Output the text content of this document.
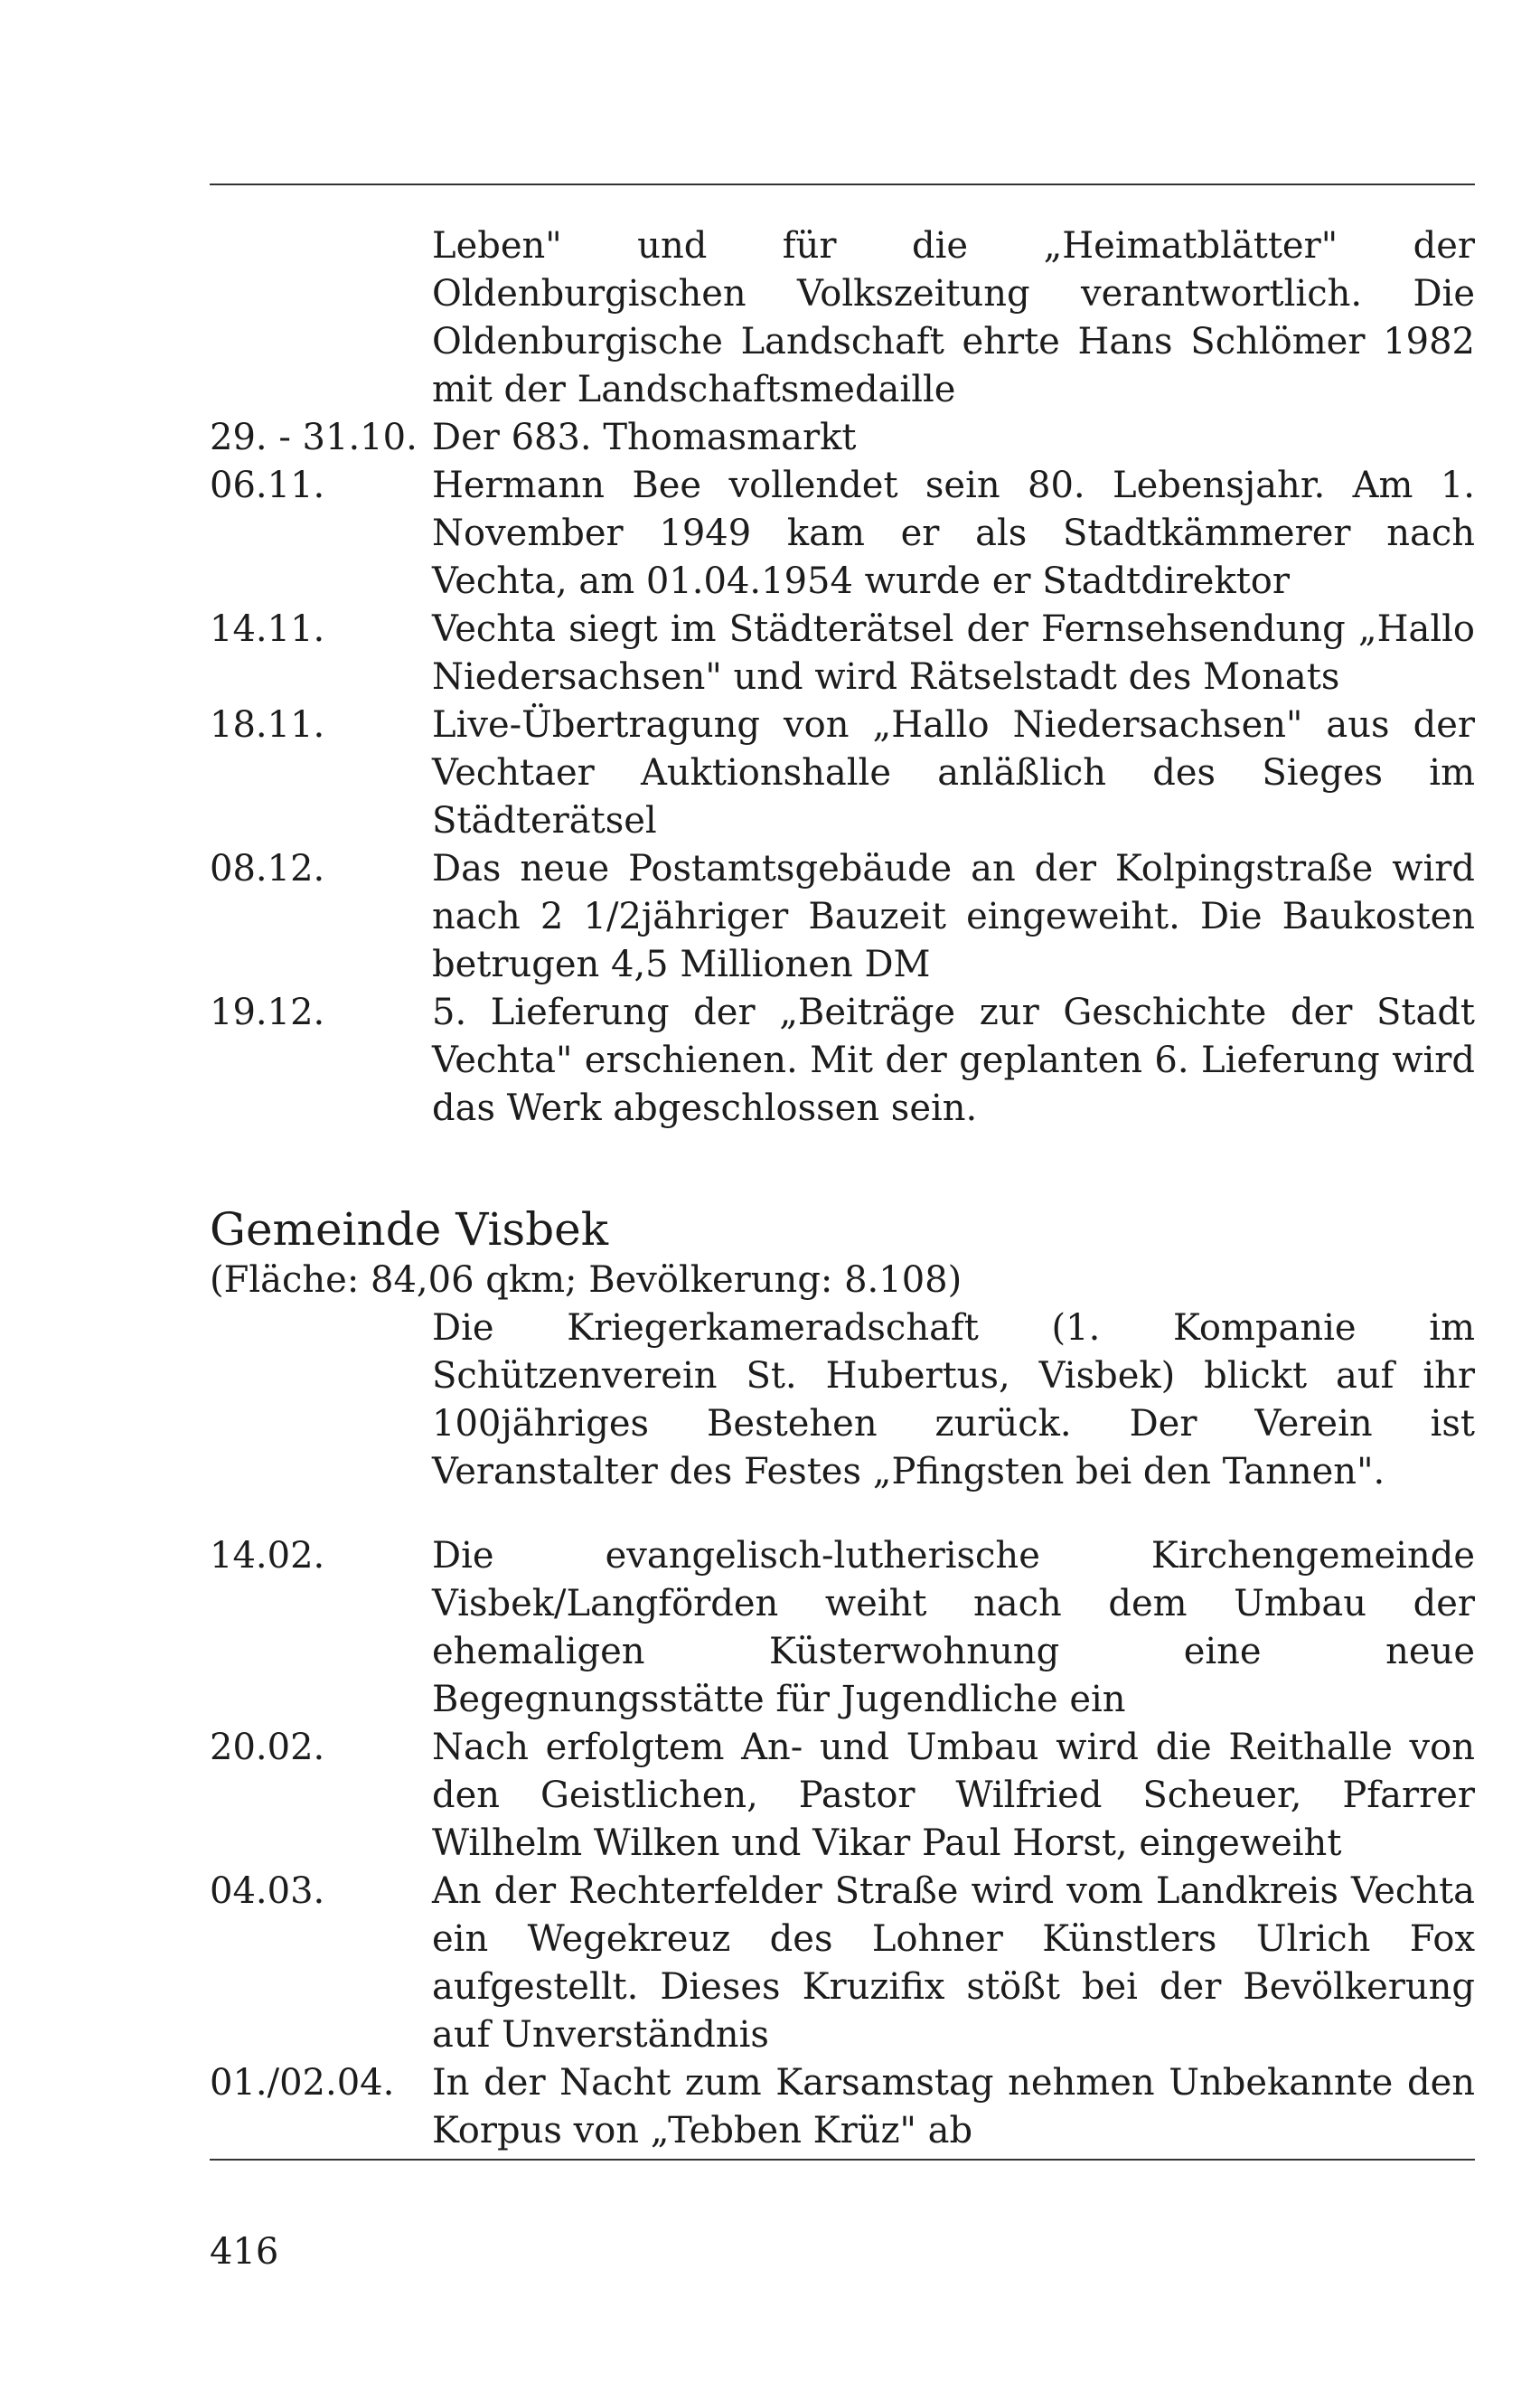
Leben" und für die „Heimatblätter" der Oldenburgischen Volkszeitung verantwortlich. Die Oldenburgische Landschaft ehrte Hans Schlömer 1982 mit der Landschaftsmedaille
29. - 31.10. Der 683. Thomasmarkt
06.11.	Hermann Bee vollendet sein 80. Lebensjahr. Am 1. November 1949 kam er als Stadtkämmerer nach Vechta, am 01.04.1954 wurde er Stadtdirektor
14.11.	Vechta siegt im Städterätsel der Fernsehsendung „Hallo Niedersachsen" und wird Rätselstadt des Monats
18.11.	Live-Übertragung von „Hallo Niedersachsen" aus der Vechtaer Auktionshalle anläßlich des Sieges im Städterätsel
08.12.	Das neue Postamtsgebäude an der Kolpingstraße wird nach 2 1/2jähriger Bauzeit eingeweiht. Die Baukosten betrugen 4,5 Millionen DM
19.12.	5. Lieferung der „Beiträge zur Geschichte der Stadt Vechta" erschienen. Mit der geplanten 6. Lieferung wird das Werk abgeschlossen sein.
Gemeinde Visbek
(Fläche: 84,06 qkm; Bevölkerung: 8.108)
Die Kriegerkameradschaft (1. Kompanie im Schützenverein St. Hubertus, Visbek) blickt auf ihr 100jähriges Bestehen zurück. Der Verein ist Veranstalter des Festes „Pfingsten bei den Tannen".
14.02.	Die evangelisch-lutherische Kirchengemeinde Visbek/Langförden weiht nach dem Umbau der ehemaligen Küsterwohnung eine neue Begegnungsstätte für Jugendliche ein
20.02.	Nach erfolgtem An- und Umbau wird die Reithalle von den Geistlichen, Pastor Wilfried Scheuer, Pfarrer Wilhelm Wilken und Vikar Paul Horst, eingeweiht
04.03.	An der Rechterfelder Straße wird vom Landkreis Vechta ein Wegekreuz des Lohner Künstlers Ulrich Fox aufgestellt. Dieses Kruzifix stößt bei der Bevölkerung auf Unverständnis
01./02.04.	In der Nacht zum Karsamstag nehmen Unbekannte den Korpus von „Tebben Krüz" ab
416
